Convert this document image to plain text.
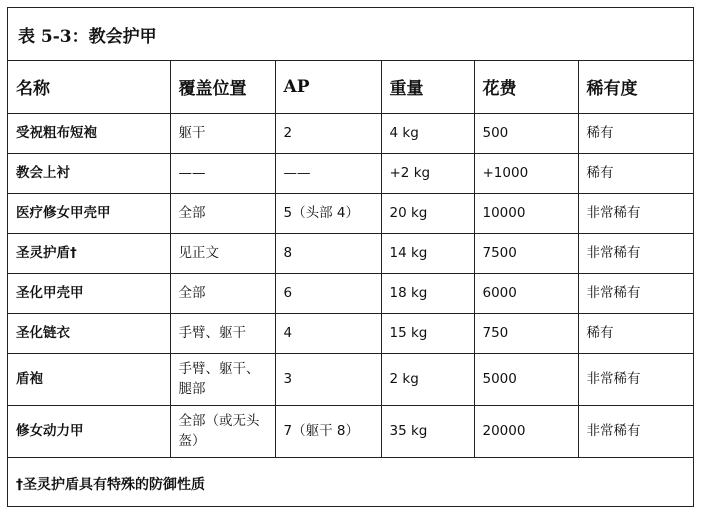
表 5-3：教会护甲
名称	覆盖位置	AP	重量	花费	稀有度
受祝粗布短袍	躯干	2	4 kg	500	稀有
教会上衬	——	——	+2 kg	+1000	稀有
医疗修女甲壳甲	全部	5（头部 4）	20 kg	10000	非常稀有
圣灵护盾†	见正文	8	14 kg	7500	非常稀有
圣化甲壳甲	全部	6	18 kg	6000	非常稀有
圣化链衣	手臂、躯干	4	15 kg	750	稀有
盾袍	手臂、躯干、腿部	3	2 kg	5000	非常稀有
修女动力甲	全部（或无头盔）	7（躯干 8）	35 kg	20000	非常稀有
†圣灵护盾具有特殊的防御性质					
